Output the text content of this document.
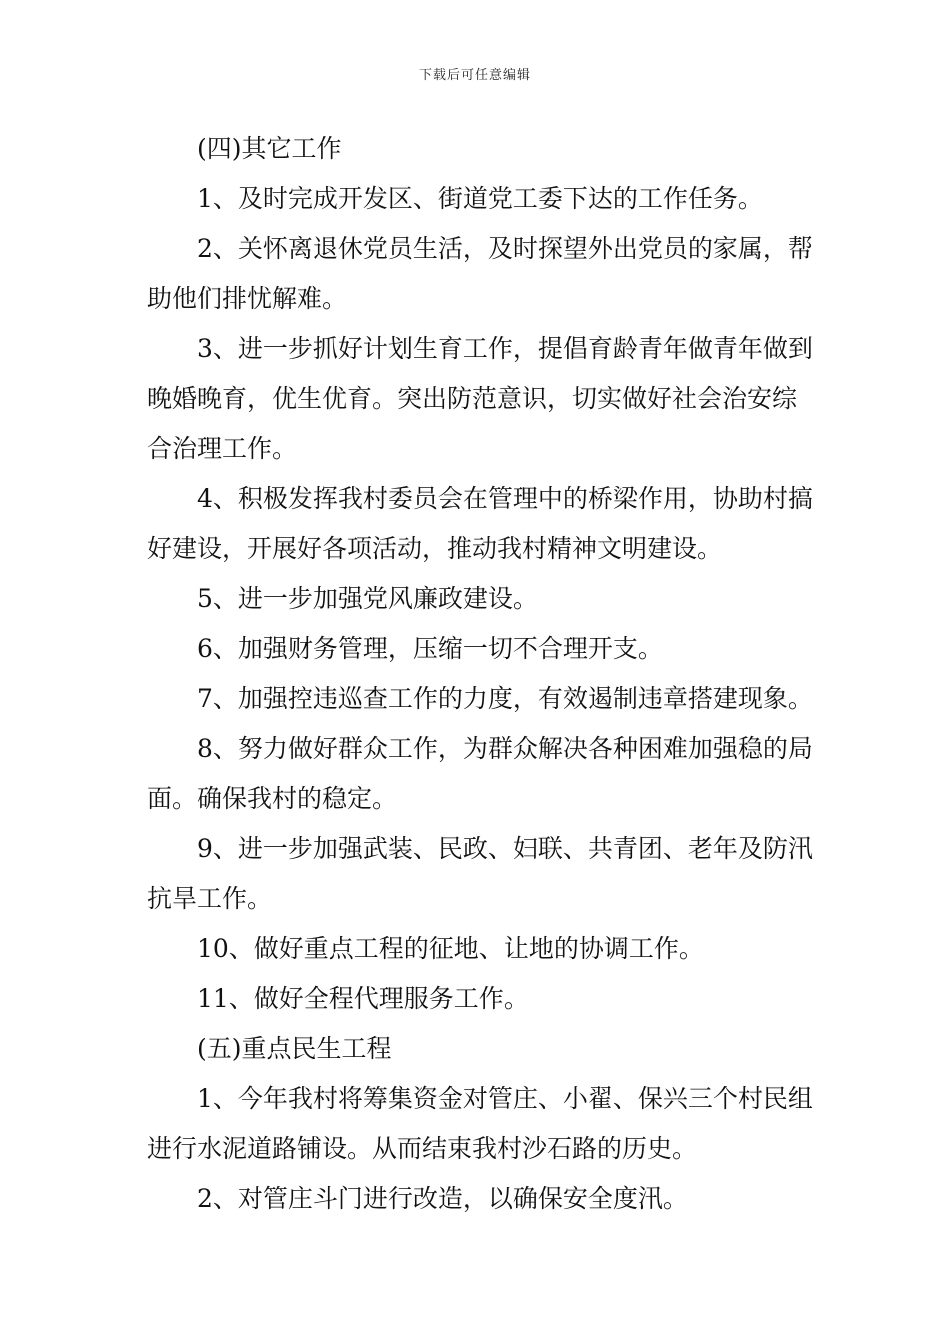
下载后可任意编辑

(四)其它工作

1、及时完成开发区、街道党工委下达的工作任务。

2、关怀离退休党员生活，及时探望外出党员的家属，帮助他们排忧解难。

3、进一步抓好计划生育工作，提倡育龄青年做青年做到晚婚晚育，优生优育。突出防范意识，切实做好社会治安综合治理工作。

4、积极发挥我村委员会在管理中的桥梁作用，协助村搞好建设，开展好各项活动，推动我村精神文明建设。

5、进一步加强党风廉政建设。

6、加强财务管理，压缩一切不合理开支。

7、加强控违巡查工作的力度，有效遏制违章搭建现象。

8、努力做好群众工作，为群众解决各种困难加强稳的局面。确保我村的稳定。

9、进一步加强武装、民政、妇联、共青团、老年及防汛抗旱工作。

10、做好重点工程的征地、让地的协调工作。

11、做好全程代理服务工作。

(五)重点民生工程

1、今年我村将筹集资金对管庄、小翟、保兴三个村民组进行水泥道路铺设。从而结束我村沙石路的历史。

2、对管庄斗门进行改造，以确保安全度汛。
